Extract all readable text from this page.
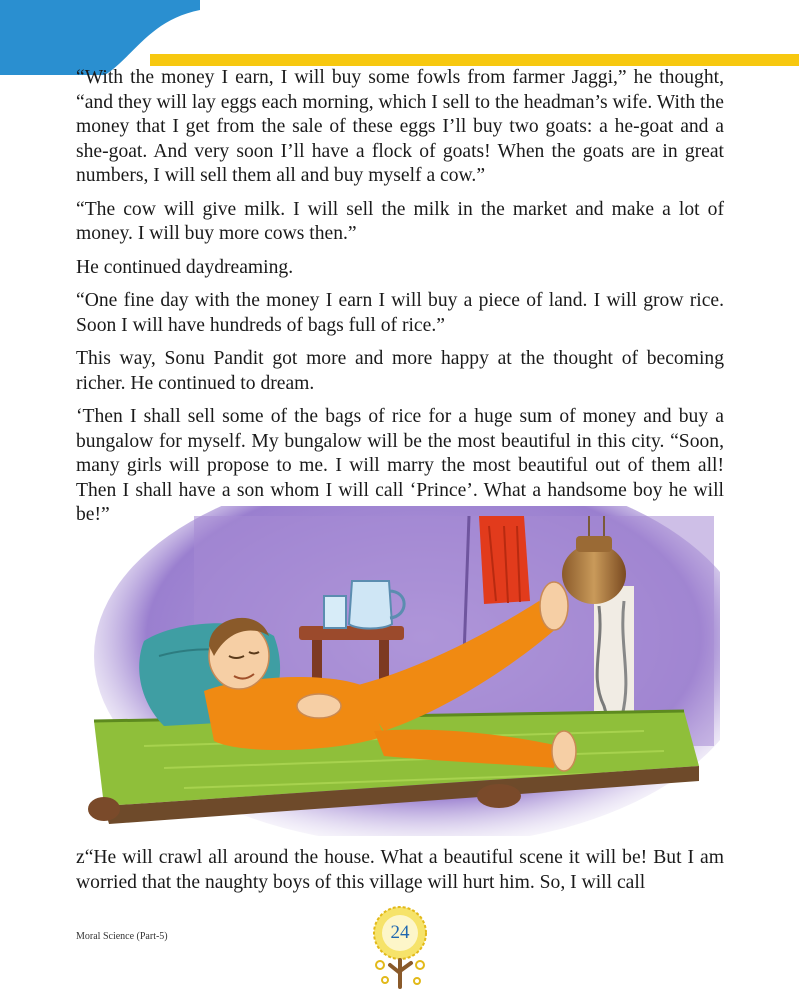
“With the money I earn, I will buy some fowls from farmer Jaggi,” he thought, “and they will lay eggs each morning, which I sell to the headman’s wife. With the money that I get from the sale of these eggs I’ll buy two goats: a he-goat and a she-goat. And very soon I’ll have a flock of goats! When the goats are in great numbers, I will sell them all and buy myself a cow.”

“The cow will give milk. I will sell the milk in the market and make a lot of money. I will buy more cows then.”

He continued daydreaming.

“One fine day with the money I earn I will buy a piece of land. I will grow rice. Soon I will have hundreds of bags full of rice.”

This way, Sonu Pandit got more and more happy at the thought of becoming richer. He continued to dream.

‘Then I shall sell some of the bags of rice for a huge sum of money and buy a bungalow for myself. My bungalow will be the most beautiful in this city. “Soon, many girls will propose to me. I will marry the most beautiful out of them all! Then I shall have a son whom I will call ‘Prince’. What a handsome boy he will be!”

z“He will crawl all around the house. What a beautiful scene it will be! But I am worried that the naughty boys of this village will hurt him. So, I will call

Moral Science (Part-5)	24
